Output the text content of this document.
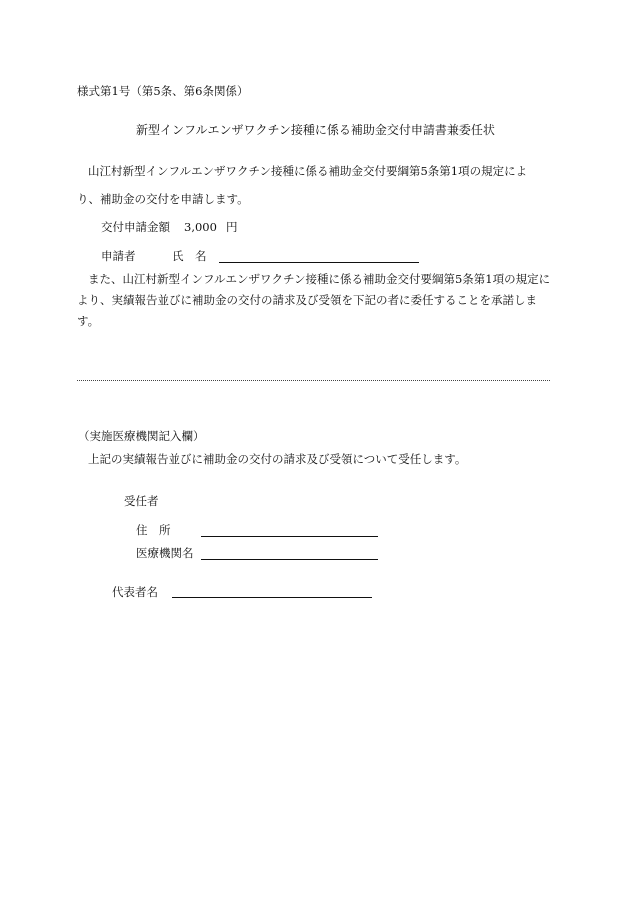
様式第1号（第5条、第6条関係）
新型インフルエンザワクチン接種に係る補助金交付申請書兼委任状
山江村新型インフルエンザワクチン接種に係る補助金交付要綱第5条第1項の規定によ
り、補助金の交付を申請します。
交付申請金額 3,000 円
申請者	氏　名
また、山江村新型インフルエンザワクチン接種に係る補助金交付要綱第5条第1項の規定により、実績報告並びに補助金の交付の請求及び受領を下記の者に委任することを承諾します。
（実施医療機関記入欄）
上記の実績報告並びに補助金の交付の請求及び受領について受任します。
受任者
住　所
医療機関名
代表者名
